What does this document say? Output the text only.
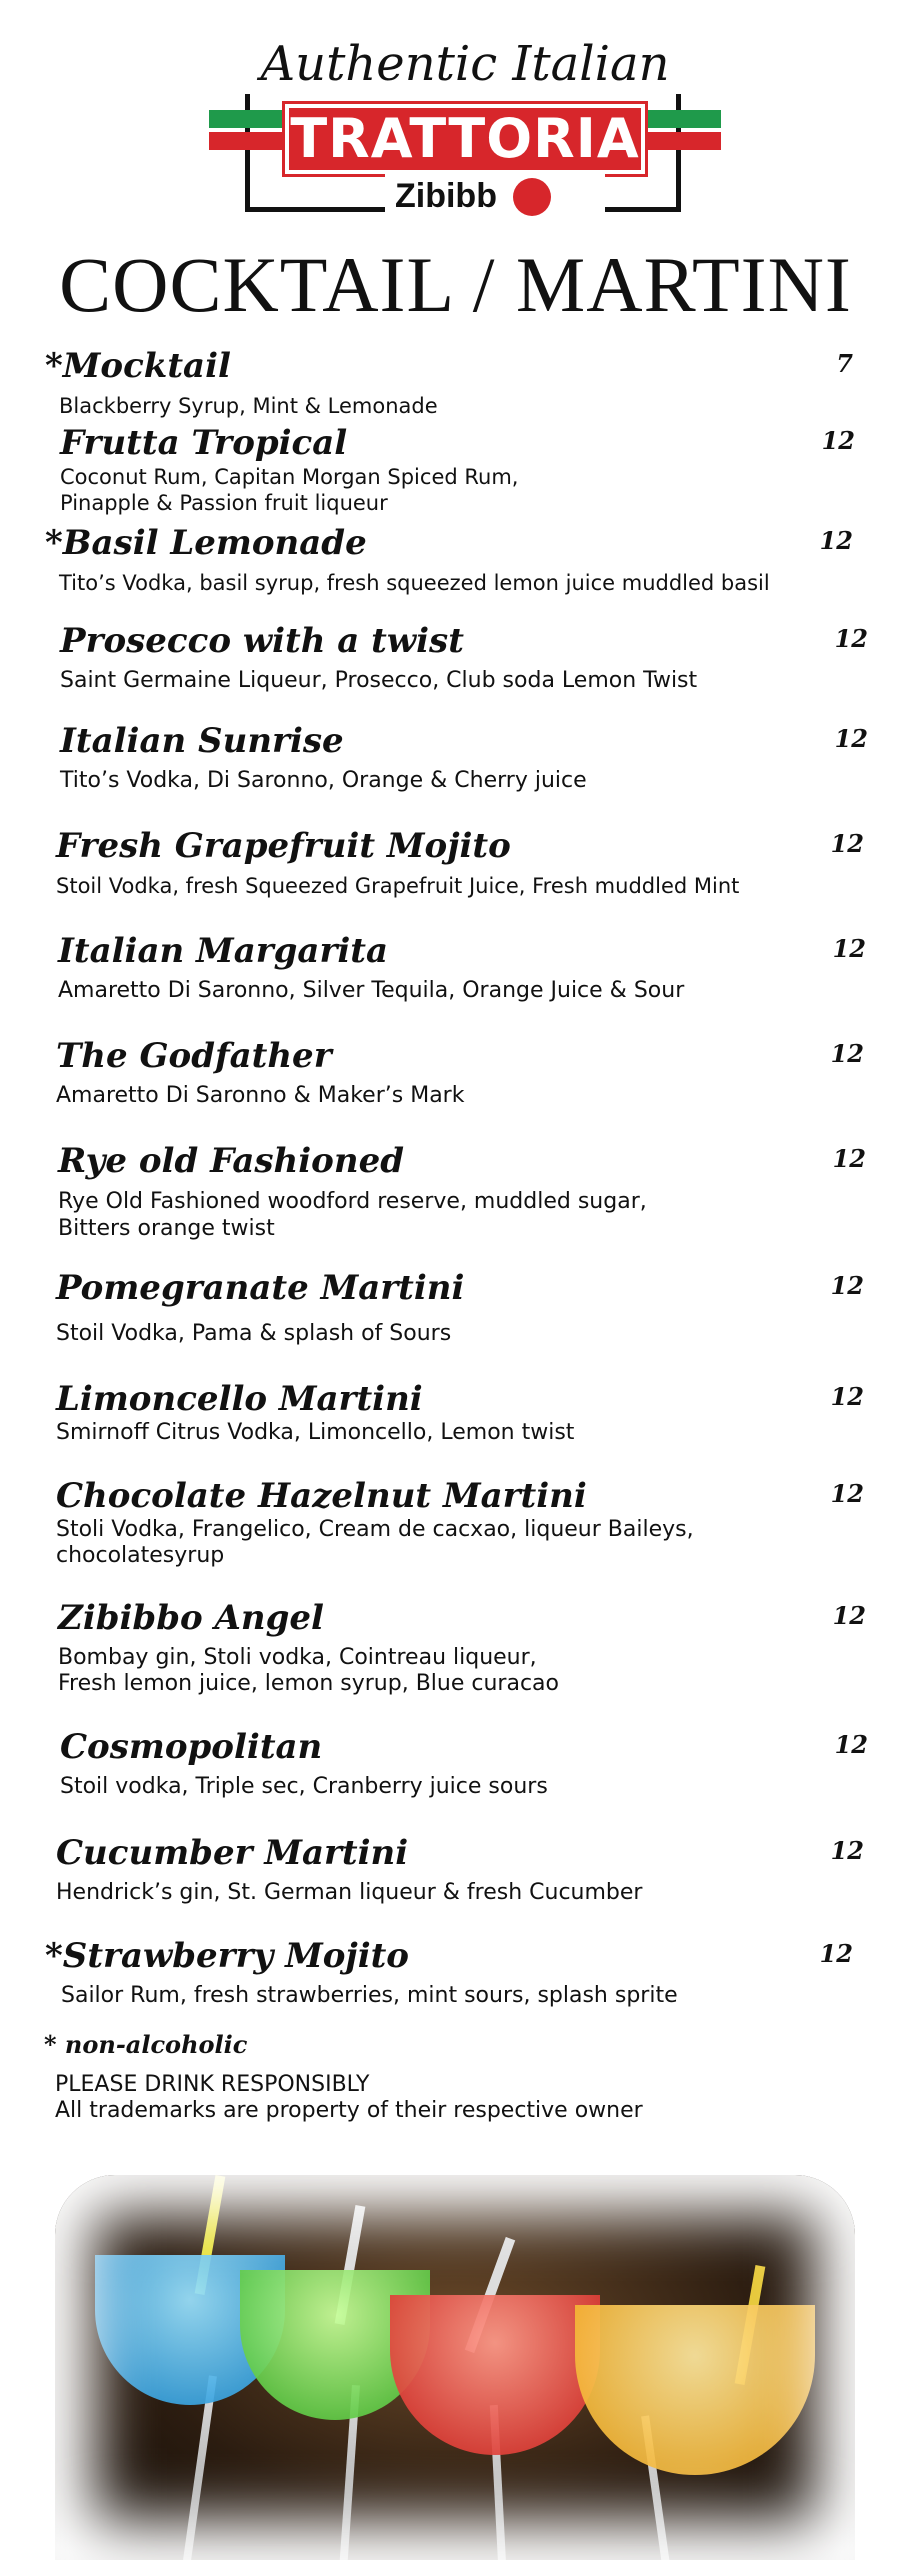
Authentic Italian
TRATTORIA
Zibibb
COCKTAIL / MARTINI
*Mocktail
Blackberry Syrup, Mint & Lemonade
7
Frutta Tropical
Coconut Rum, Capitan Morgan Spiced Rum,
Pinapple & Passion fruit liqueur
12
*Basil Lemonade
Tito’s Vodka, basil syrup, fresh squeezed lemon juice muddled basil
12
Prosecco with a twist
Saint Germaine Liqueur, Prosecco, Club soda Lemon Twist
12
Italian Sunrise
Tito’s Vodka, Di Saronno, Orange & Cherry juice
12
Fresh Grapefruit Mojito
Stoil Vodka, fresh Squeezed Grapefruit Juice, Fresh muddled Mint
12
Italian Margarita
Amaretto Di Saronno, Silver Tequila, Orange Juice & Sour
12
The Godfather
Amaretto Di Saronno & Maker’s Mark
12
Rye old Fashioned
Rye Old Fashioned woodford reserve, muddled sugar,
Bitters orange twist
12
Pomegranate Martini
Stoil Vodka, Pama & splash of Sours
12
Limoncello Martini
Smirnoff Citrus Vodka, Limoncello, Lemon twist
12
Chocolate Hazelnut Martini
Stoli Vodka, Frangelico, Cream de cacxao, liqueur Baileys,
chocolatesyrup
12
Zibibbo Angel
Bombay gin, Stoli vodka, Cointreau liqueur,
Fresh lemon juice, lemon syrup, Blue curacao
12
Cosmopolitan
Stoil vodka, Triple sec, Cranberry juice sours
12
Cucumber Martini
Hendrick’s gin, St. German liqueur & fresh Cucumber
12
*Strawberry Mojito
Sailor Rum, fresh strawberries, mint sours, splash sprite
12
* non-alcoholic
PLEASE DRINK RESPONSIBLY
All trademarks are property of their respective owner
